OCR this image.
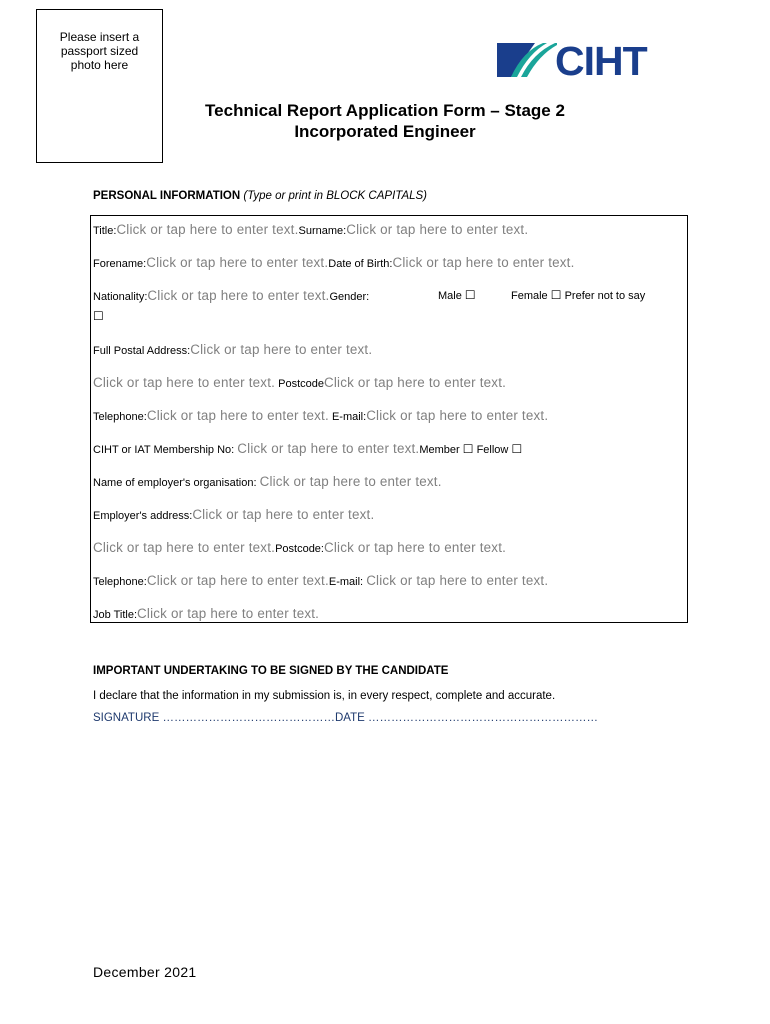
Please insert a
passport sized
photo here	CIHT
Technical Report Application Form – Stage 2
Incorporated Engineer
PERSONAL INFORMATION (Type or print in BLOCK CAPITALS)
Title:Click or tap here to enter text.Surname:Click or tap here to enter text.
Forename:Click or tap here to enter text.Date of Birth:Click or tap here to enter text.
Nationality:Click or tap here to enter text.Gender:	Male ☐	Female ☐ Prefer not to say
☐
Full Postal Address:Click or tap here to enter text.
Click or tap here to enter text. PostcodeClick or tap here to enter text.
Telephone:Click or tap here to enter text. E-mail:Click or tap here to enter text.
CIHT or IAT Membership No: Click or tap here to enter text.Member ☐ Fellow ☐
Name of employer's organisation: Click or tap here to enter text.
Employer's address:Click or tap here to enter text.
Click or tap here to enter text.Postcode:Click or tap here to enter text.
Telephone:Click or tap here to enter text.E-mail: Click or tap here to enter text.
Job Title:Click or tap here to enter text.
IMPORTANT UNDERTAKING TO BE SIGNED BY THE CANDIDATE
I declare that the information in my submission is, in every respect, complete and accurate.
SIGNATURE ………………………………………DATE ……………………………………………………
December 2021
